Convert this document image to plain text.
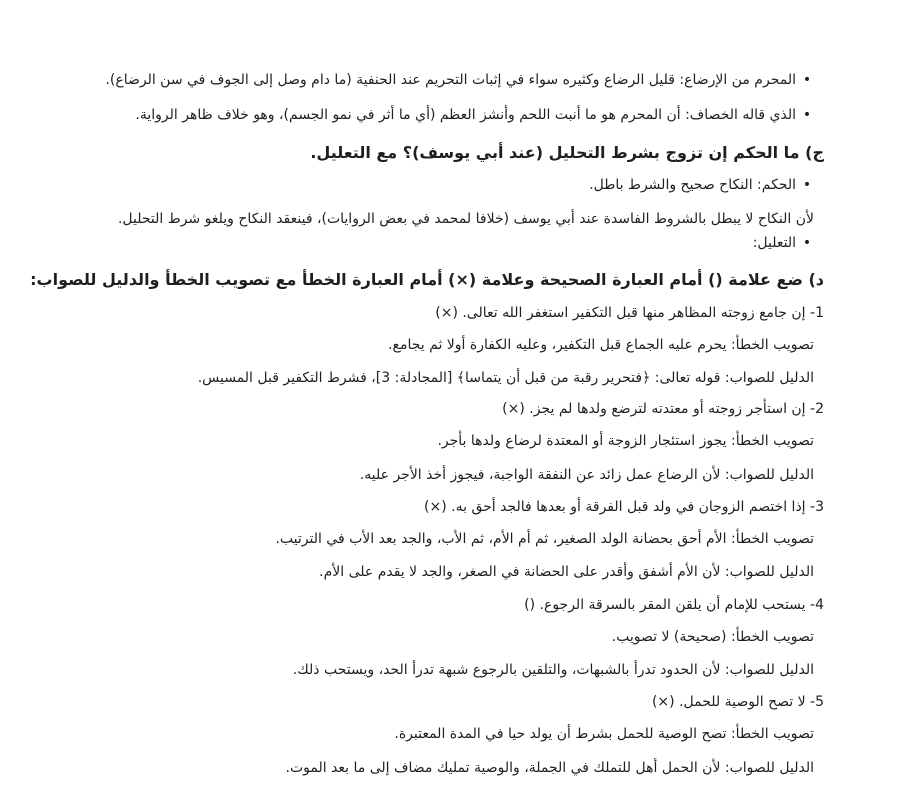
• المحرم من الإرضاع: قليل الرضاع وكثيره سواء في إثبات التحريم عند الحنفية (ما دام وصل إلى الجوف في سن الرضاع).
• الذي قاله الخصاف: أن المحرم هو ما أنبت اللحم وأنشز العظم (أي ما أثر في نمو الجسم)، وهو خلاف ظاهر الرواية.
ج) ما الحكم إن تزوج بشرط التحليل (عند أبي يوسف)؟ مع التعليل.
• الحكم: النكاح صحيح والشرط باطل.
لأن النكاح لا يبطل بالشروط الفاسدة عند أبي يوسف (خلافا لمحمد في بعض الروايات)، فينعقد النكاح ويلغو شرط التحليل.
• التعليل:
د) ضع علامة () أمام العبارة الصحيحة وعلامة (×) أمام العبارة الخطأ مع تصويب الخطأ والدليل للصواب:
1- إن جامع زوجته المظاهر منها قبل التكفير استغفر الله تعالى. (×)
تصويب الخطأ: يحرم عليه الجماع قبل التكفير، وعليه الكفارة أولا ثم يجامع.
الدليل للصواب: قوله تعالى: ﴿فتحرير رقبة من قبل أن يتماسا﴾ [المجادلة: 3]، فشرط التكفير قبل المسيس.
2- إن استأجر زوجته أو معتدته لترضع ولدها لم يجز. (×)
تصويب الخطأ: يجوز استئجار الزوجة أو المعتدة لرضاع ولدها بأجر.
الدليل للصواب: لأن الرضاع عمل زائد عن النفقة الواجبة، فيجوز أخذ الأجر عليه.
3- إذا اختصم الزوجان في ولد قبل الفرقة أو بعدها فالجد أحق به. (×)
تصويب الخطأ: الأم أحق بحضانة الولد الصغير، ثم أم الأم، ثم الأب، والجد بعد الأب في الترتيب.
الدليل للصواب: لأن الأم أشفق وأقدر على الحضانة في الصغر، والجد لا يقدم على الأم.
4- يستحب للإمام أن يلقن المقر بالسرقة الرجوع. ()
تصويب الخطأ: (صحيحة) لا تصويب.
الدليل للصواب: لأن الحدود تدرأ بالشبهات، والتلقين بالرجوع شبهة تدرأ الحد، ويستحب ذلك.
5- لا تصح الوصية للحمل. (×)
تصويب الخطأ: تصح الوصية للحمل بشرط أن يولد حيا في المدة المعتبرة.
الدليل للصواب: لأن الحمل أهل للتملك في الجملة، والوصية تمليك مضاف إلى ما بعد الموت.
